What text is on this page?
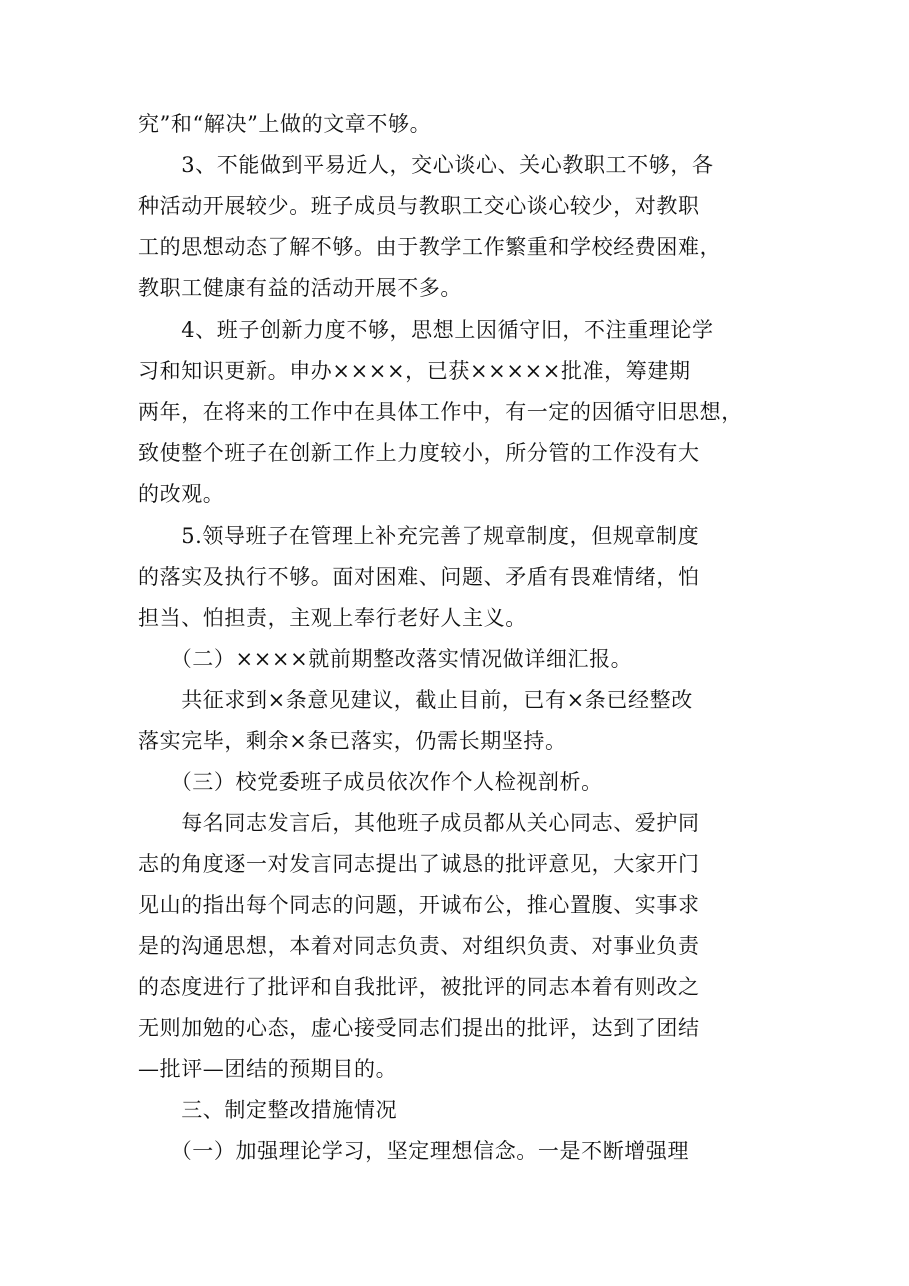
究”和“解决”上做的文章不够。

　　3、不能做到平易近人，交心谈心、关心教职工不够，各

种活动开展较少。班子成员与教职工交心谈心较少，对教职

工的思想动态了解不够。由于教学工作繁重和学校经费困难，

教职工健康有益的活动开展不多。

　　4、班子创新力度不够，思想上因循守旧，不注重理论学

习和知识更新。申办××××，已获×××××批准，筹建期

两年，在将来的工作中在具体工作中，有一定的因循守旧思想，

致使整个班子在创新工作上力度较小，所分管的工作没有大

的改观。

　　5.领导班子在管理上补充完善了规章制度，但规章制度

的落实及执行不够。面对困难、问题、矛盾有畏难情绪，怕

担当、怕担责，主观上奉行老好人主义。

　　（二）××××就前期整改落实情况做详细汇报。

　　共征求到×条意见建议，截止目前，已有×条已经整改

落实完毕，剩余×条已落实，仍需长期坚持。

　　（三）校党委班子成员依次作个人检视剖析。

　　每名同志发言后，其他班子成员都从关心同志、爱护同

志的角度逐一对发言同志提出了诚恳的批评意见，大家开门

见山的指出每个同志的问题，开诚布公，推心置腹、实事求

是的沟通思想，本着对同志负责、对组织负责、对事业负责

的态度进行了批评和自我批评，被批评的同志本着有则改之

无则加勉的心态，虚心接受同志们提出的批评，达到了团结

—批评—团结的预期目的。

　　三、制定整改措施情况

　　（一）加强理论学习，坚定理想信念。一是不断增强理
